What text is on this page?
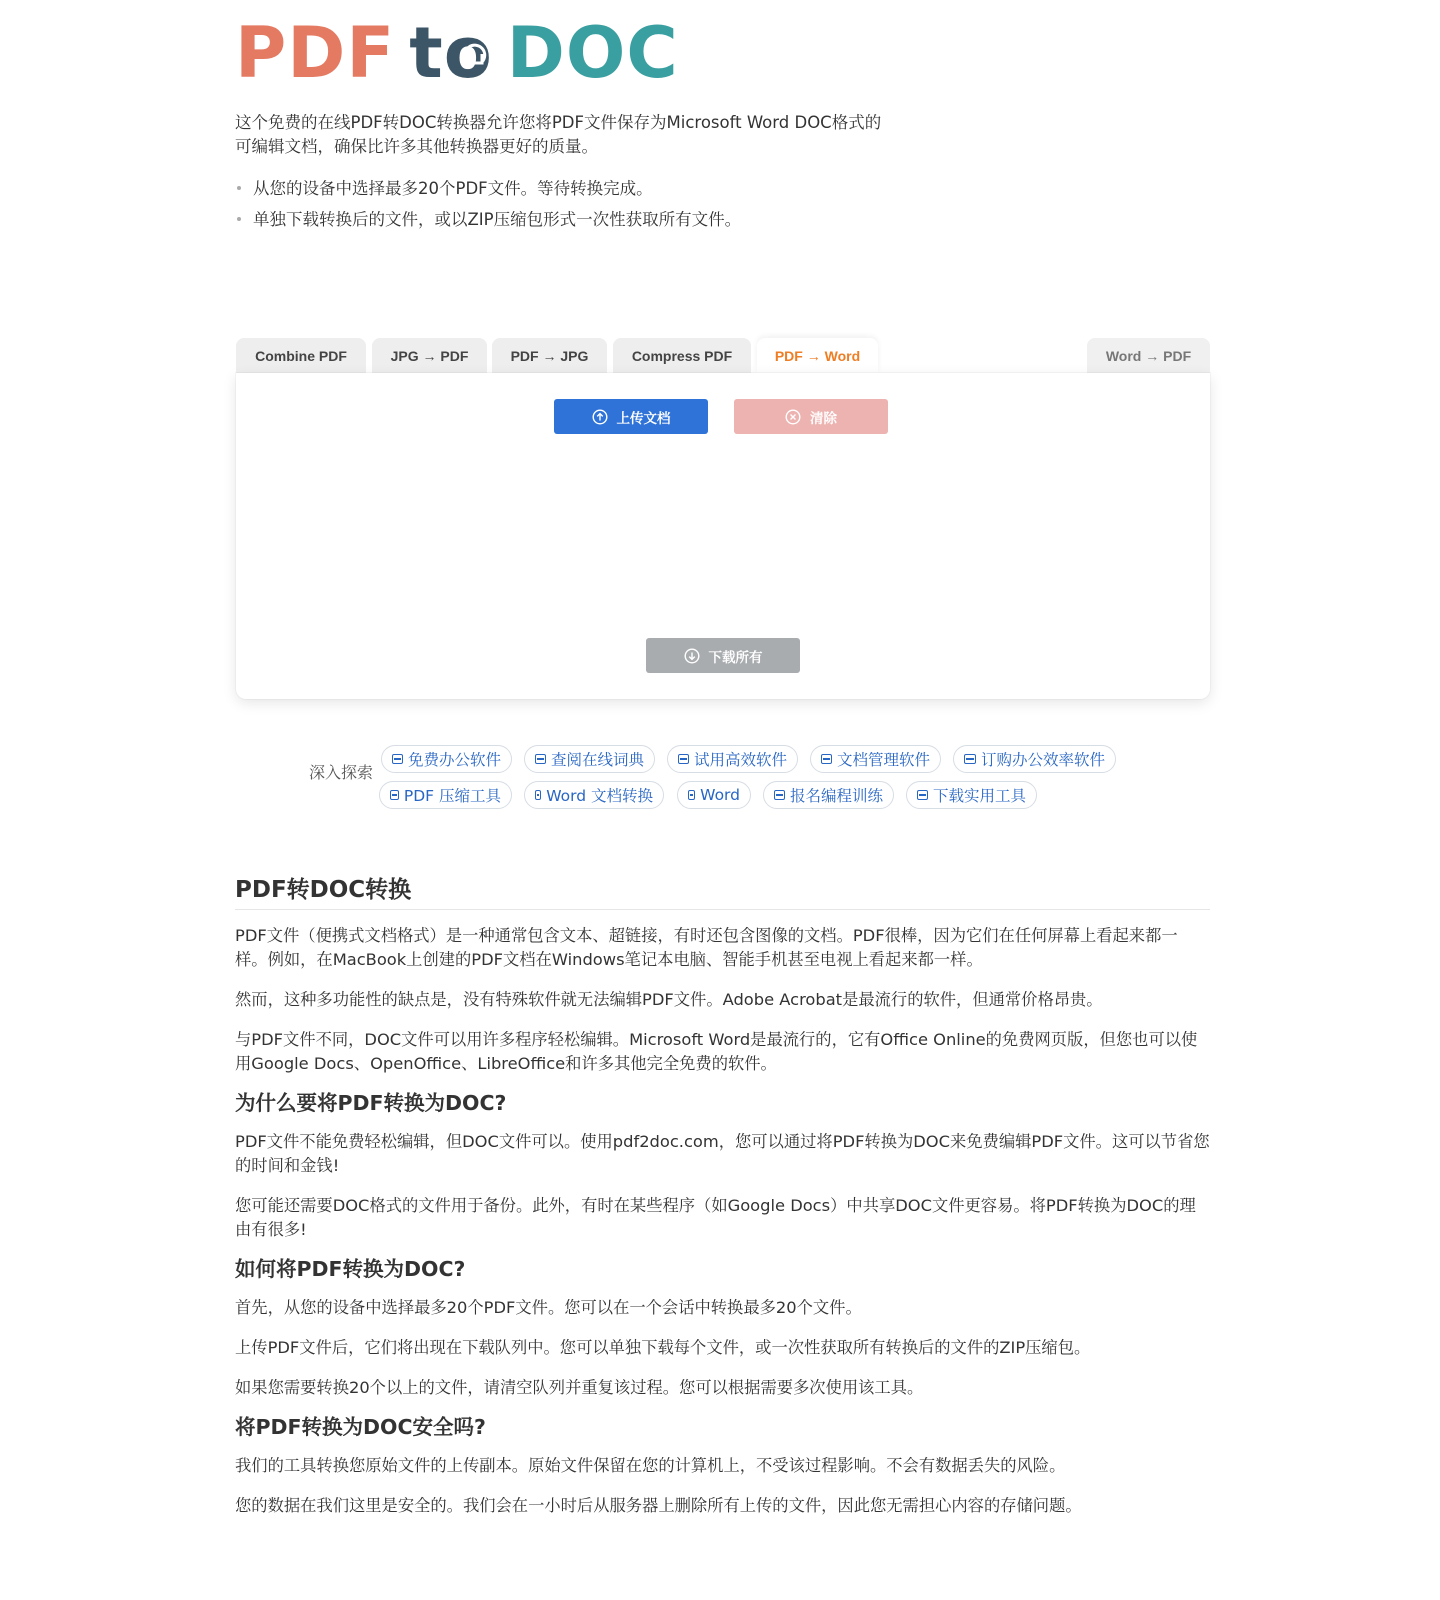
PDF to DOC

这个免费的在线PDF转DOC转换器允许您将PDF文件保存为Microsoft Word DOC格式的可编辑文档，确保比许多其他转换器更好的质量。

从您的设备中选择最多20个PDF文件。等待转换完成。
单独下载转换后的文件，或以ZIP压缩包形式一次性获取所有文件。
Combine PDF	JPG → PDF	PDF → JPG	Compress PDF	PDF → Word	Word → PDF
上传文档	清除
下载所有
深入探索
免费办公软件	查阅在线词典	试用高效软件	文档管理软件	订购办公效率软件
PDF 压缩工具	Word 文档转换	Word	报名编程训练	下载实用工具
PDF转DOC转换

PDF文件（便携式文档格式）是一种通常包含文本、超链接，有时还包含图像的文档。PDF很棒，因为它们在任何屏幕上看起来都一样。例如，在MacBook上创建的PDF文档在Windows笔记本电脑、智能手机甚至电视上看起来都一样。

然而，这种多功能性的缺点是，没有特殊软件就无法编辑PDF文件。Adobe Acrobat是最流行的软件，但通常价格昂贵。

与PDF文件不同，DOC文件可以用许多程序轻松编辑。Microsoft Word是最流行的，它有Office Online的免费网页版，但您也可以使用Google Docs、OpenOffice、LibreOffice和许多其他完全免费的软件。

为什么要将PDF转换为DOC?

PDF文件不能免费轻松编辑，但DOC文件可以。使用pdf2doc.com，您可以通过将PDF转换为DOC来免费编辑PDF文件。这可以节省您的时间和金钱!

您可能还需要DOC格式的文件用于备份。此外，有时在某些程序（如Google Docs）中共享DOC文件更容易。将PDF转换为DOC的理由有很多!

如何将PDF转换为DOC?

首先，从您的设备中选择最多20个PDF文件。您可以在一个会话中转换最多20个文件。

上传PDF文件后，它们将出现在下载队列中。您可以单独下载每个文件，或一次性获取所有转换后的文件的ZIP压缩包。

如果您需要转换20个以上的文件，请清空队列并重复该过程。您可以根据需要多次使用该工具。

将PDF转换为DOC安全吗?

我们的工具转换您原始文件的上传副本。原始文件保留在您的计算机上，不受该过程影响。不会有数据丢失的风险。

您的数据在我们这里是安全的。我们会在一小时后从服务器上删除所有上传的文件，因此您无需担心内容的存储问题。
